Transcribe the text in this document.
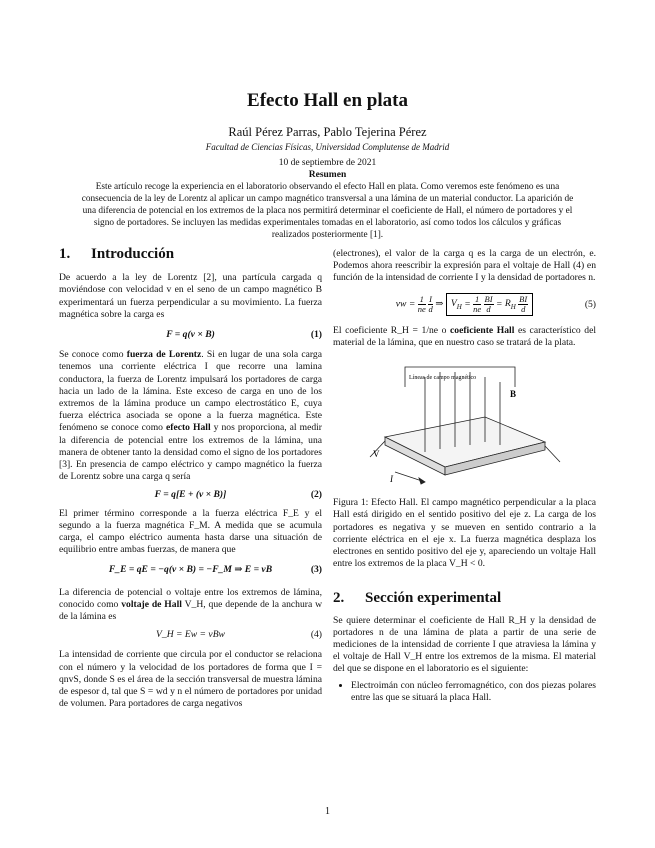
Efecto Hall en plata
Raúl Pérez Parras, Pablo Tejerina Pérez
Facultad de Ciencias Físicas, Universidad Complutense de Madrid
10 de septiembre de 2021
Resumen
Este artículo recoge la experiencia en el laboratorio observando el efecto Hall en plata. Como veremos este fenómeno es una consecuencia de la ley de Lorentz al aplicar un campo magnético transversal a una lámina de un material conductor. La aparición de una diferencia de potencial en los extremos de la placa nos permitirá determinar el coeficiente de Hall, el número de portadores y el signo de portadores. Se incluyen las medidas experimentales tomadas en el laboratorio, así como todos los cálculos y gráficas realizados posteriormente [1].
1. Introducción

De acuerdo a la ley de Lorentz [2], una partícula cargada q moviéndose con velocidad v en el seno de un campo magnético B experimentará un fuerza perpendicular a su movimiento. La fuerza magnética sobre la carga es

F = q(v × B)	(1)

Se conoce como fuerza de Lorentz. Si en lugar de una sola carga tenemos una corriente eléctrica I que recorre una lamina conductora, la fuerza de Lorentz impulsará los portadores de carga hacia un lado de la lámina. Este exceso de carga en uno de los extremos de la lámina produce un campo electrostático E, cuya fuerza eléctrica asociada se opone a la fuerza magnética. Este fenómeno se conoce como efecto Hall y nos proporciona, al medir la diferencia de potencial entre los extremos de la lámina, una manera de obtener tanto la densidad como el signo de los portadores [3]. En presencia de campo eléctrico y campo magnético la fuerza de Lorentz sobre una carga q sería

F = q[E + (v × B)]	(2)

El primer término corresponde a la fuerza eléctrica F_E y el segundo a la fuerza magnética F_M. A medida que se acumula carga, el campo eléctrico aumenta hasta darse una situación de equilibrio entre ambas fuerzas, de manera que

F_E = qE = −q(v × B) = −F_M ⇒ E = vB	(3)

La diferencia de potencial o voltaje entre los extremos de lámina, conocido como voltaje de Hall V_H, que depende de la anchura w de la lámina es

V_H = Ew = vBw	(4)

La intensidad de corriente que circula por el conductor se relaciona con el número y la velocidad de los portadores de forma que I = qnvS, donde S es el área de la sección transversal de muestra lámina de espesor d, tal que S = wd y n el número de portadores por unidad de volumen. Para portadores de carga negativos

(electrones), el valor de la carga q es la carga de un electrón, e. Podemos ahora reescribir la expresión para el voltaje de Hall (4) en función de la intensidad de corriente I y la densidad de portadores n.

vw = $\frac{1}{ne}$
$\frac{I}{d}$ ⇒ $V_H = \frac{1}{ne}$
$\frac{BI}{d} = R_H \frac{BI}{d}$	(5)

El coeficiente R_H = 1/ne o coeficiente Hall es característico del material de la lámina, que en nuestro caso se tratará de la plata.

Líneas de campo magnético
V
I
B

Figura 1: Efecto Hall. El campo magnético perpendicular a la placa Hall está dirigido en el sentido positivo del eje z. La carga de los portadores es negativa y se mueven en sentido contrario a la corriente eléctrica en el eje x. La fuerza magnética desplaza los electrones en sentido positivo del eje y, apareciendo un voltaje Hall entre los extremos de la placa V_H < 0.

2. Sección experimental

Se quiere determinar el coeficiente de Hall R_H y la densidad de portadores n de una lámina de plata a partir de una serie de mediciones de la intensidad de corriente I que atraviesa la lámina y el voltaje de Hall V_H entre los extremos de la misma. El material del que se dispone en el laboratorio es el siguiente:

• Electroimán con núcleo ferromagnético, con dos piezas polares entre las que se situará la placa Hall.
1
